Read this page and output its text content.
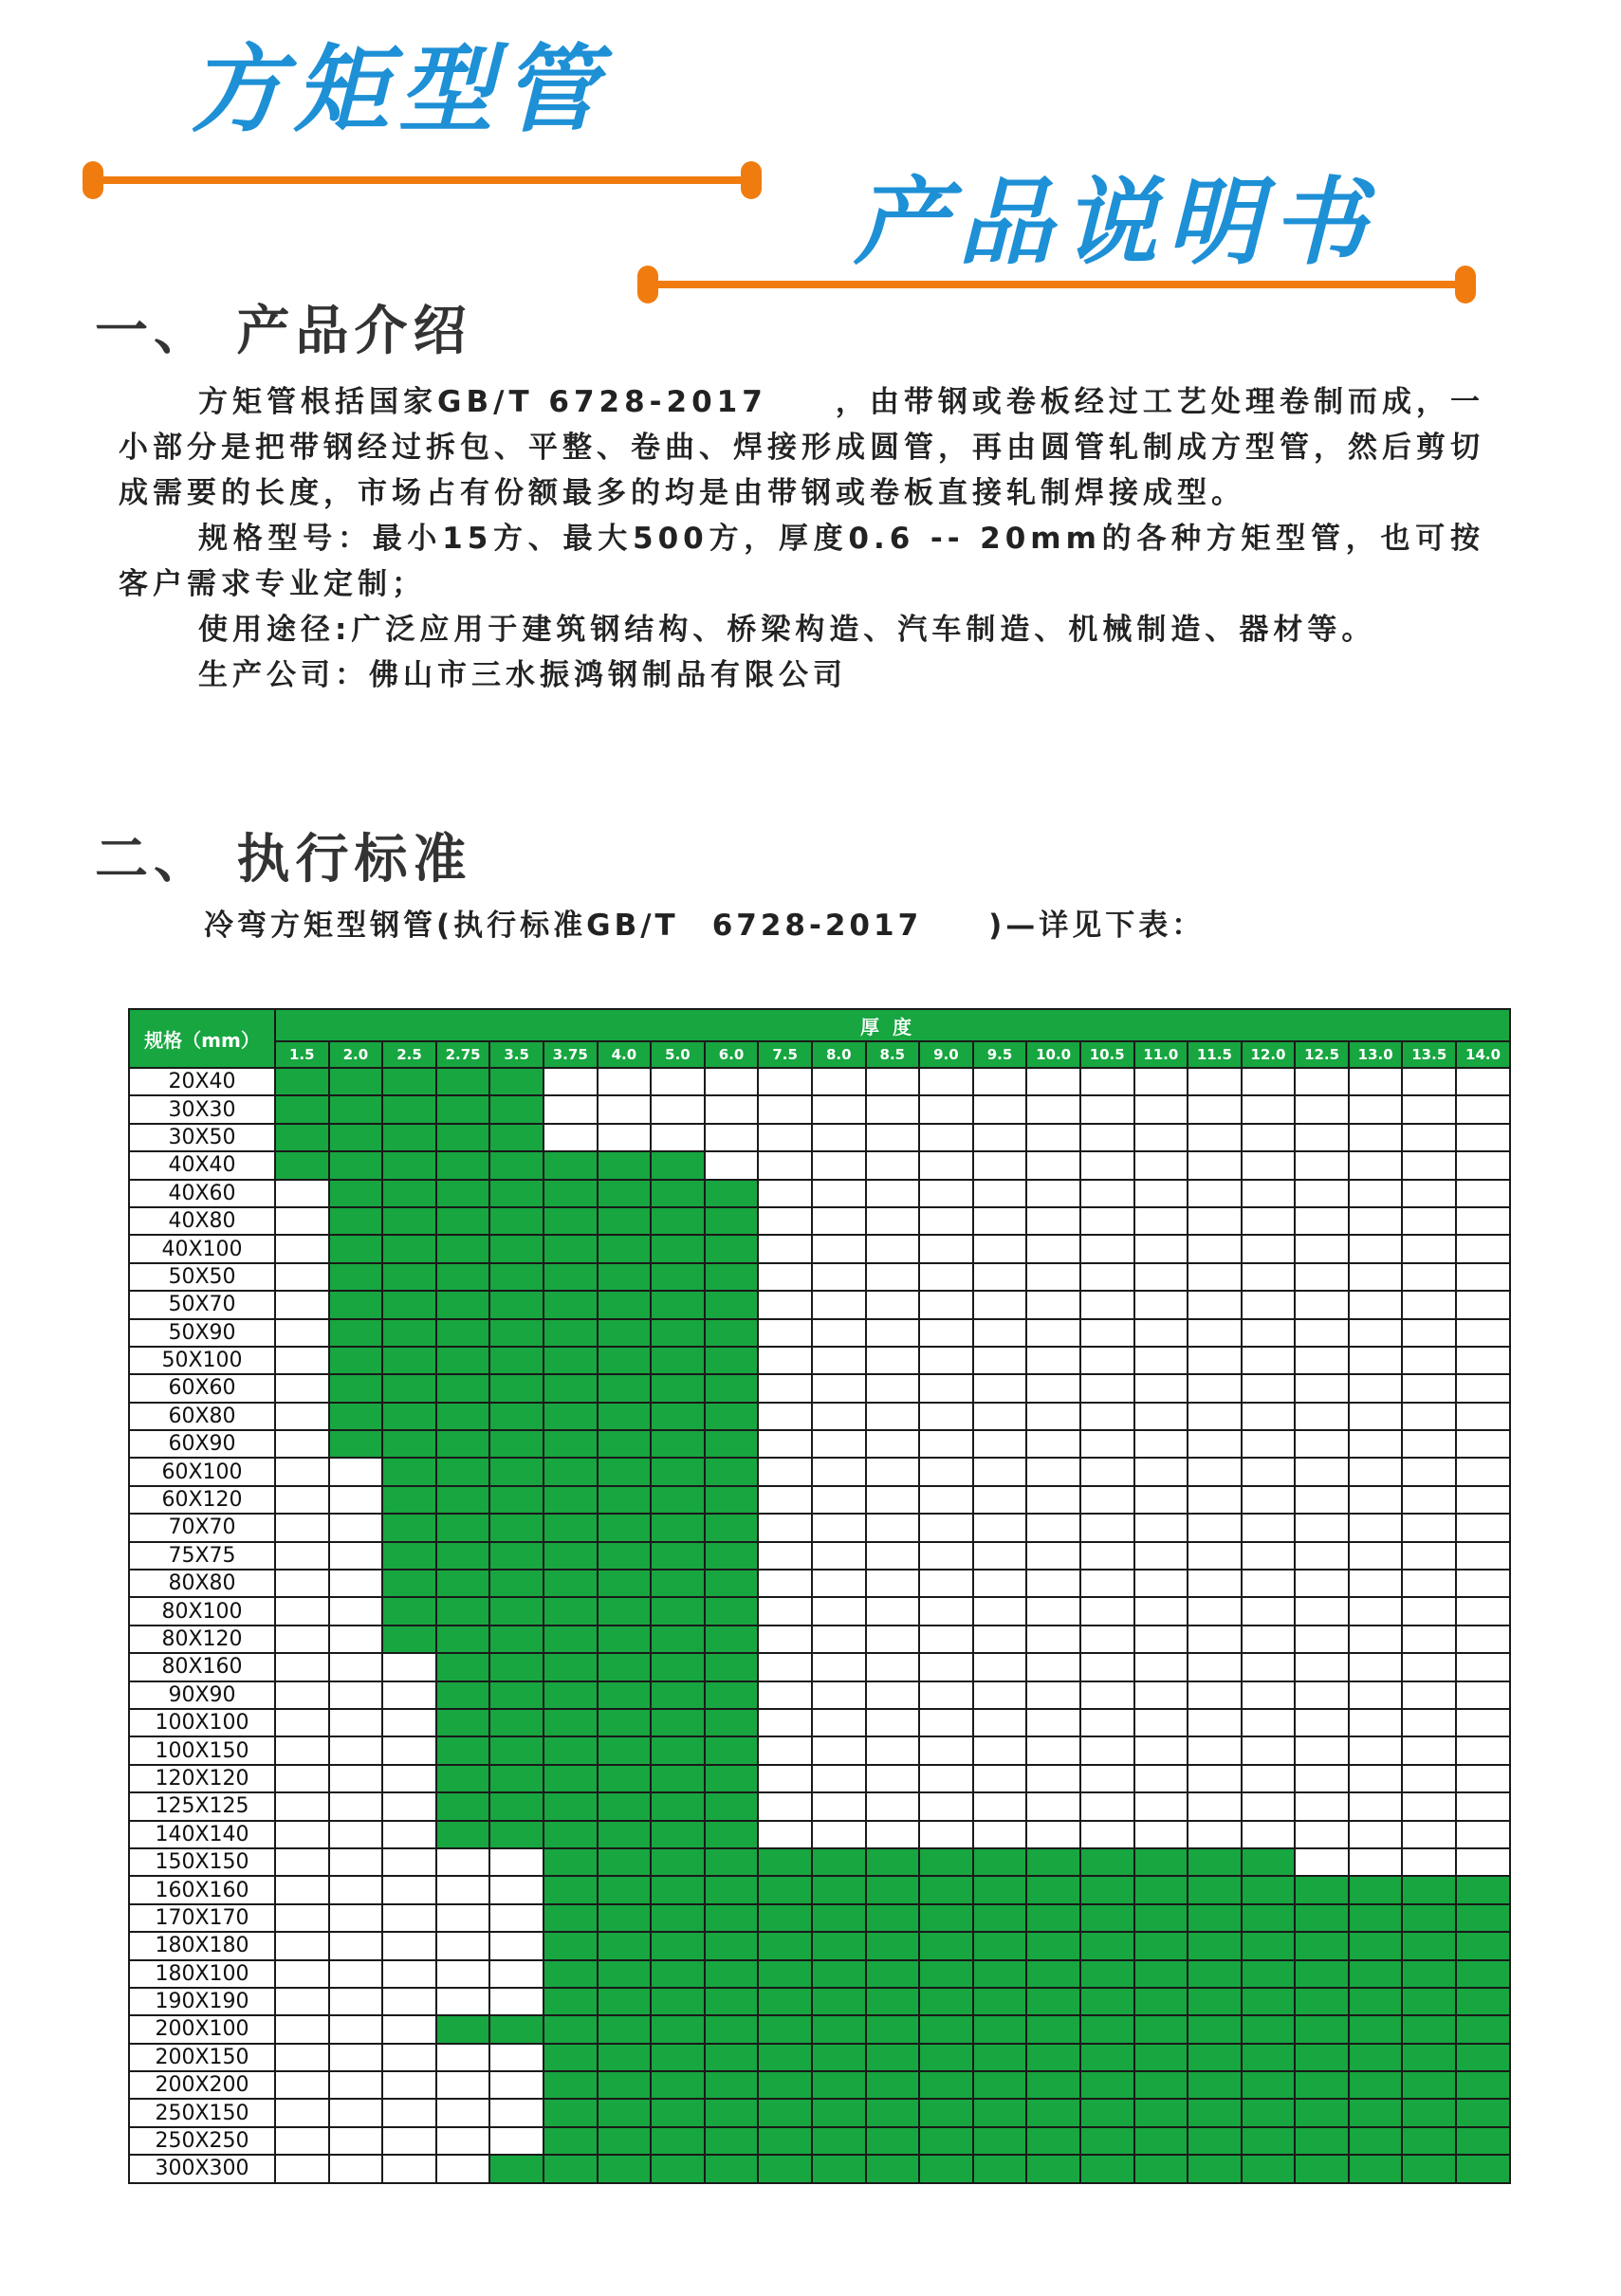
方矩型管
产品说明书
一、 产品介绍

方矩管根括国家GB/T 6728-2017　　，由带钢或卷板经过工艺处理卷制而成，一小部分是把带钢经过拆包、平整、卷曲、焊接形成圆管，再由圆管轧制成方型管，然后剪切成需要的长度，市场占有份额最多的均是由带钢或卷板直接轧制焊接成型。

规格型号：最小15方、最大500方，厚度0.6 -- 20mm的各种方矩型管，也可按客户需求专业定制；

使用途径:广泛应用于建筑钢结构、桥梁构造、汽车制造、机械制造、器材等。

生产公司：佛山市三水振鸿钢制品有限公司

二、 执行标准
冷弯方矩型钢管(执行标准GB/T　6728-2017　　)—详见下表：
规格（mm）	厚度																						
	1.5	2.0	2.5	2.75	3.5	3.75	4.0	5.0	6.0	7.5	8.0	8.5	9.0	9.5	10.0	10.5	11.0	11.5	12.0	12.5	13.0	13.5	14.0
20X40																							
30X30																							
30X50																							
40X40																							
40X60																							
40X80																							
40X100																							
50X50																							
50X70																							
50X90																							
50X100																							
60X60																							
60X80																							
60X90																							
60X100																							
60X120																							
70X70																							
75X75																							
80X80																							
80X100																							
80X120																							
80X160																							
90X90																							
100X100																							
100X150																							
120X120																							
125X125																							
140X140																							
150X150																							
160X160																							
170X170																							
180X180																							
180X100																							
190X190																							
200X100																							
200X150																							
200X200																							
250X150																							
250X250																							
300X300																							
